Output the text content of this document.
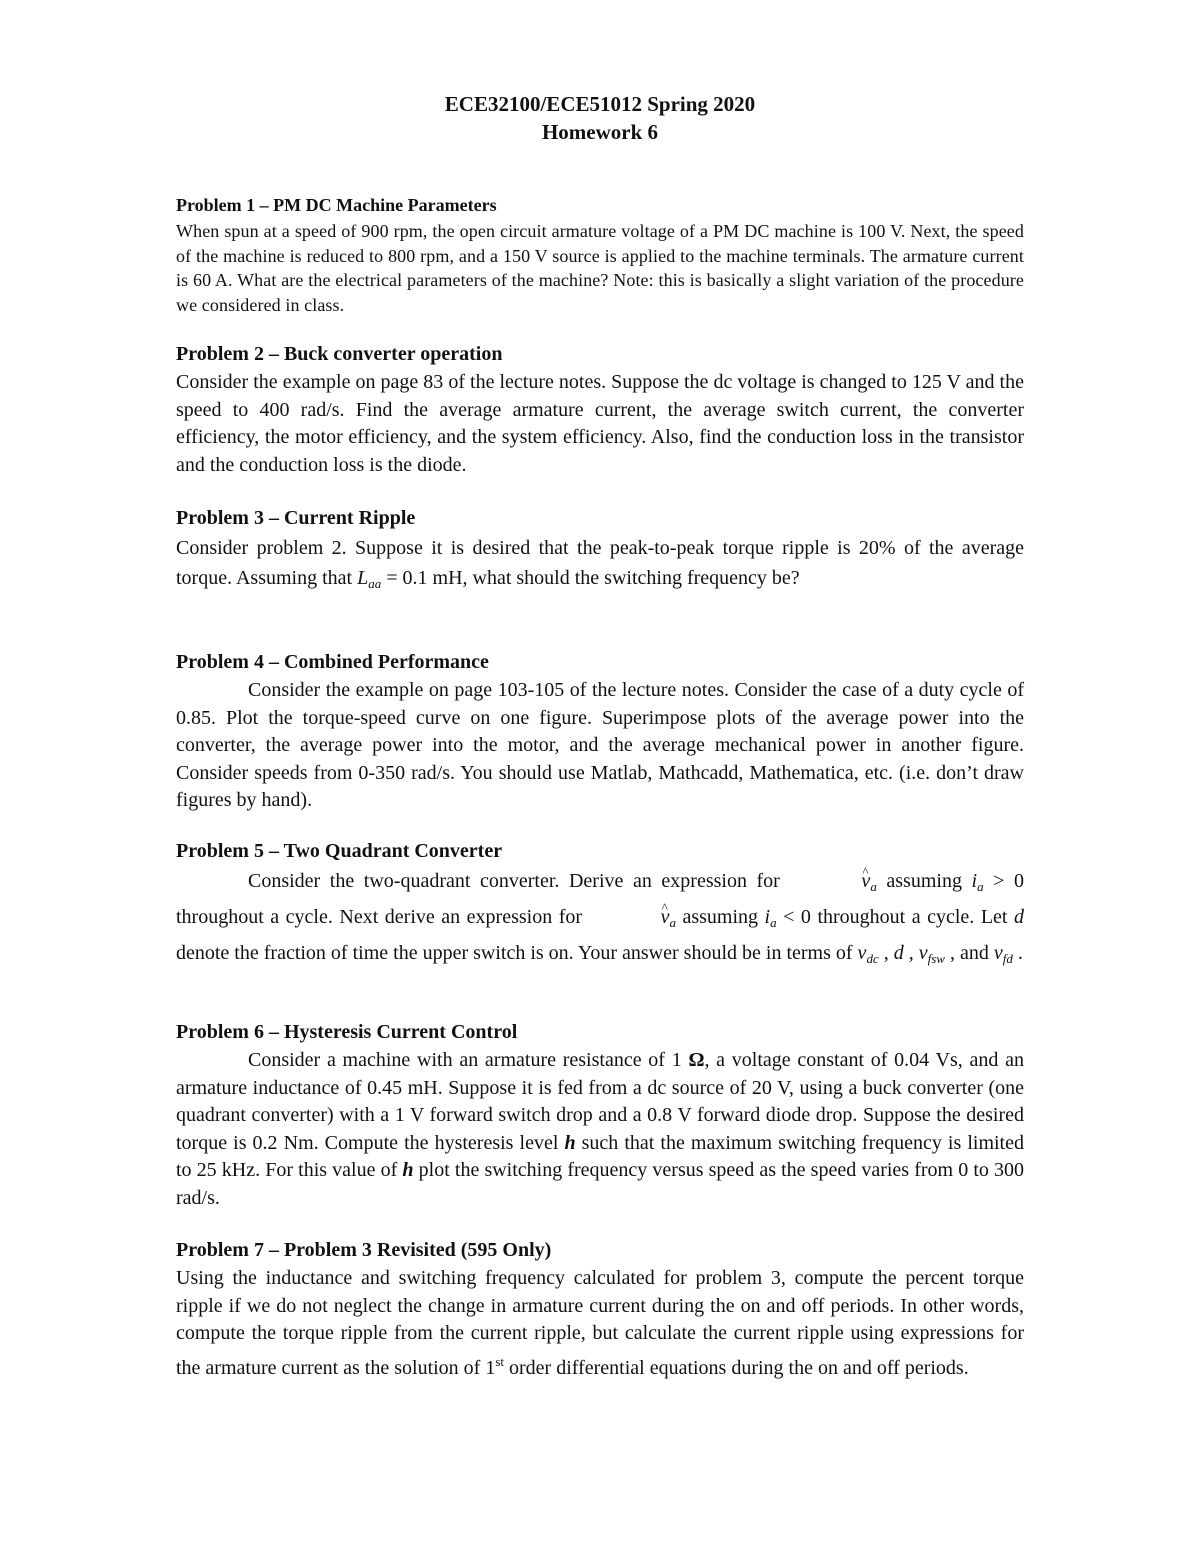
ECE32100/ECE51012 Spring 2020
Homework 6
Problem 1 – PM DC Machine Parameters
When spun at a speed of 900 rpm, the open circuit armature voltage of a PM DC machine is 100 V. Next, the speed of the machine is reduced to 800 rpm, and a 150 V source is applied to the machine terminals. The armature current is 60 A. What are the electrical parameters of the machine? Note: this is basically a slight variation of the procedure we considered in class.
Problem 2 – Buck converter operation
Consider the example on page 83 of the lecture notes. Suppose the dc voltage is changed to 125 V and the speed to 400 rad/s. Find the average armature current, the average switch current, the converter efficiency, the motor efficiency, and the system efficiency. Also, find the conduction loss in the transistor and the conduction loss is the diode.
Problem 3 – Current Ripple
Consider problem 2. Suppose it is desired that the peak-to-peak torque ripple is 20% of the average torque. Assuming that $L_{aa} = 0.1$ mH, what should the switching frequency be?
Problem 4 – Combined Performance
Consider the example on page 103-105 of the lecture notes. Consider the case of a duty cycle of 0.85. Plot the torque-speed curve on one figure. Superimpose plots of the average power into the converter, the average power into the motor, and the average mechanical power in another figure. Consider speeds from 0-350 rad/s. You should use Matlab, Mathcadd, Mathematica, etc. (i.e. don’t draw figures by hand).
Problem 5 – Two Quadrant Converter
Consider the two-quadrant converter. Derive an expression for	^ $v_a$ assuming $i_a > 0$ throughout a cycle. Next derive an expression for	^ $v_a$ assuming $i_a < 0$ throughout a cycle. Let d denote the fraction of time the upper switch is on. Your answer should be in terms of $v_{dc}$ , d , $v_{fsw}$ , and $v_{fd}$ .
Problem 6 – Hysteresis Current Control
Consider a machine with an armature resistance of 1 Ω, a voltage constant of 0.04 Vs, and an armature inductance of 0.45 mH. Suppose it is fed from a dc source of 20 V, using a buck converter (one quadrant converter) with a 1 V forward switch drop and a 0.8 V forward diode drop. Suppose the desired torque is 0.2 Nm. Compute the hysteresis level h such that the maximum switching frequency is limited to 25 kHz. For this value of h plot the switching frequency versus speed as the speed varies from 0 to 300 rad/s.
Problem 7 – Problem 3 Revisited (595 Only)
Using the inductance and switching frequency calculated for problem 3, compute the percent torque ripple if we do not neglect the change in armature current during the on and off periods. In other words, compute the torque ripple from the current ripple, but calculate the current ripple using expressions for the armature current as the solution of 1st order differential equations during the on and off periods.
